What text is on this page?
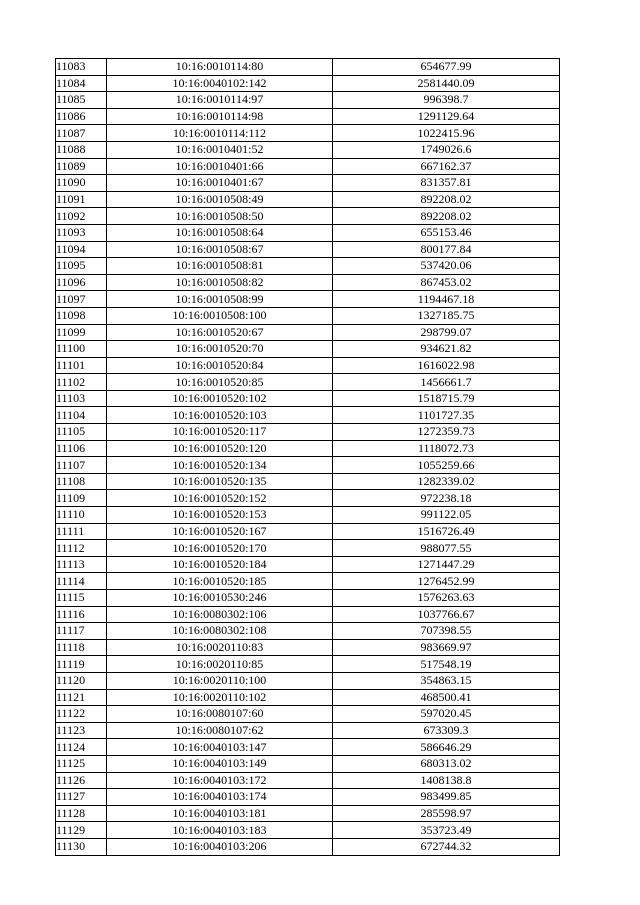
11083	10:16:0010114:80	654677.99
11084	10:16:0040102:142	2581440.09
11085	10:16:0010114:97	996398.7
11086	10:16:0010114:98	1291129.64
11087	10:16:0010114:112	1022415.96
11088	10:16:0010401:52	1749026.6
11089	10:16:0010401:66	667162.37
11090	10:16:0010401:67	831357.81
11091	10:16:0010508:49	892208.02
11092	10:16:0010508:50	892208.02
11093	10:16:0010508:64	655153.46
11094	10:16:0010508:67	800177.84
11095	10:16:0010508:81	537420.06
11096	10:16:0010508:82	867453.02
11097	10:16:0010508:99	1194467.18
11098	10:16:0010508:100	1327185.75
11099	10:16:0010520:67	298799.07
11100	10:16:0010520:70	934621.82
11101	10:16:0010520:84	1616022.98
11102	10:16:0010520:85	1456661.7
11103	10:16:0010520:102	1518715.79
11104	10:16:0010520:103	1101727.35
11105	10:16:0010520:117	1272359.73
11106	10:16:0010520:120	1118072.73
11107	10:16:0010520:134	1055259.66
11108	10:16:0010520:135	1282339.02
11109	10:16:0010520:152	972238.18
11110	10:16:0010520:153	991122.05
11111	10:16:0010520:167	1516726.49
11112	10:16:0010520:170	988077.55
11113	10:16:0010520:184	1271447.29
11114	10:16:0010520:185	1276452.99
11115	10:16:0010530:246	1576263.63
11116	10:16:0080302:106	1037766.67
11117	10:16:0080302:108	707398.55
11118	10:16:0020110:83	983669.97
11119	10:16:0020110:85	517548.19
11120	10:16:0020110:100	354863.15
11121	10:16:0020110:102	468500.41
11122	10:16:0080107:60	597020.45
11123	10:16:0080107:62	673309.3
11124	10:16:0040103:147	586646.29
11125	10:16:0040103:149	680313.02
11126	10:16:0040103:172	1408138.8
11127	10:16:0040103:174	983499.85
11128	10:16:0040103:181	285598.97
11129	10:16:0040103:183	353723.49
11130	10:16:0040103:206	672744.32
